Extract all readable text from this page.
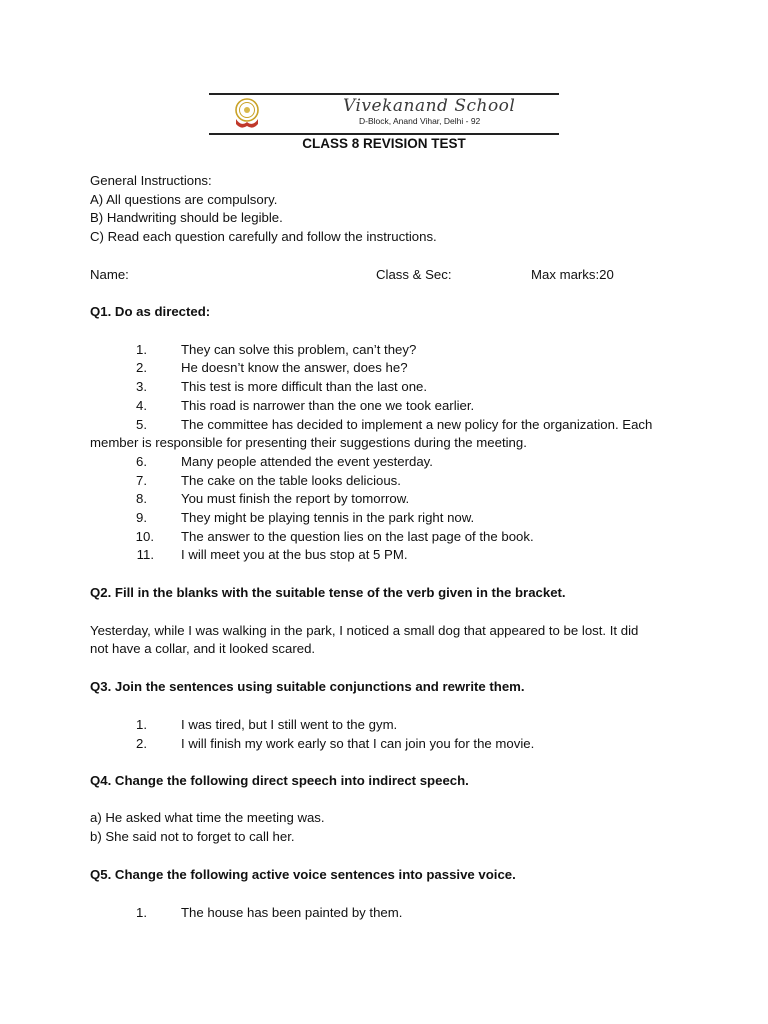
Vivekanand School
D-Block, Anand Vihar, Delhi - 92
CLASS 8 REVISION TEST
General Instructions:
A) All questions are compulsory.
B) Handwriting should be legible.
C) Read each question carefully and follow the instructions.
Name:	Class & Sec:	Max marks:20
Q1. Do as directed:
1.	They can solve this problem, can’t they?
2.	He doesn’t know the answer, does he?
3.	This test is more difficult than the last one.
4.	This road is narrower than the one we took earlier.
5.	The committee has decided to implement a new policy for the organization. Each
member is responsible for presenting their suggestions during the meeting.
6.	Many people attended the event yesterday.
7.	The cake on the table looks delicious.
8.	You must finish the report by tomorrow.
9.	They might be playing tennis in the park right now.
10. The answer to the question lies on the last page of the book.
11. I will meet you at the bus stop at 5 PM.
Q2. Fill in the blanks with the suitable tense of the verb given in the bracket.
Yesterday, while I was walking in the park, I noticed a small dog that appeared to be lost. It did
not have a collar, and it looked scared.
Q3. Join the sentences using suitable conjunctions and rewrite them.
1.	I was tired, but I still went to the gym.
2.	I will finish my work early so that I can join you for the movie.
Q4. Change the following direct speech into indirect speech.
a) He asked what time the meeting was.
b) She said not to forget to call her.
Q5. Change the following active voice sentences into passive voice.
1.	The house has been painted by them.
